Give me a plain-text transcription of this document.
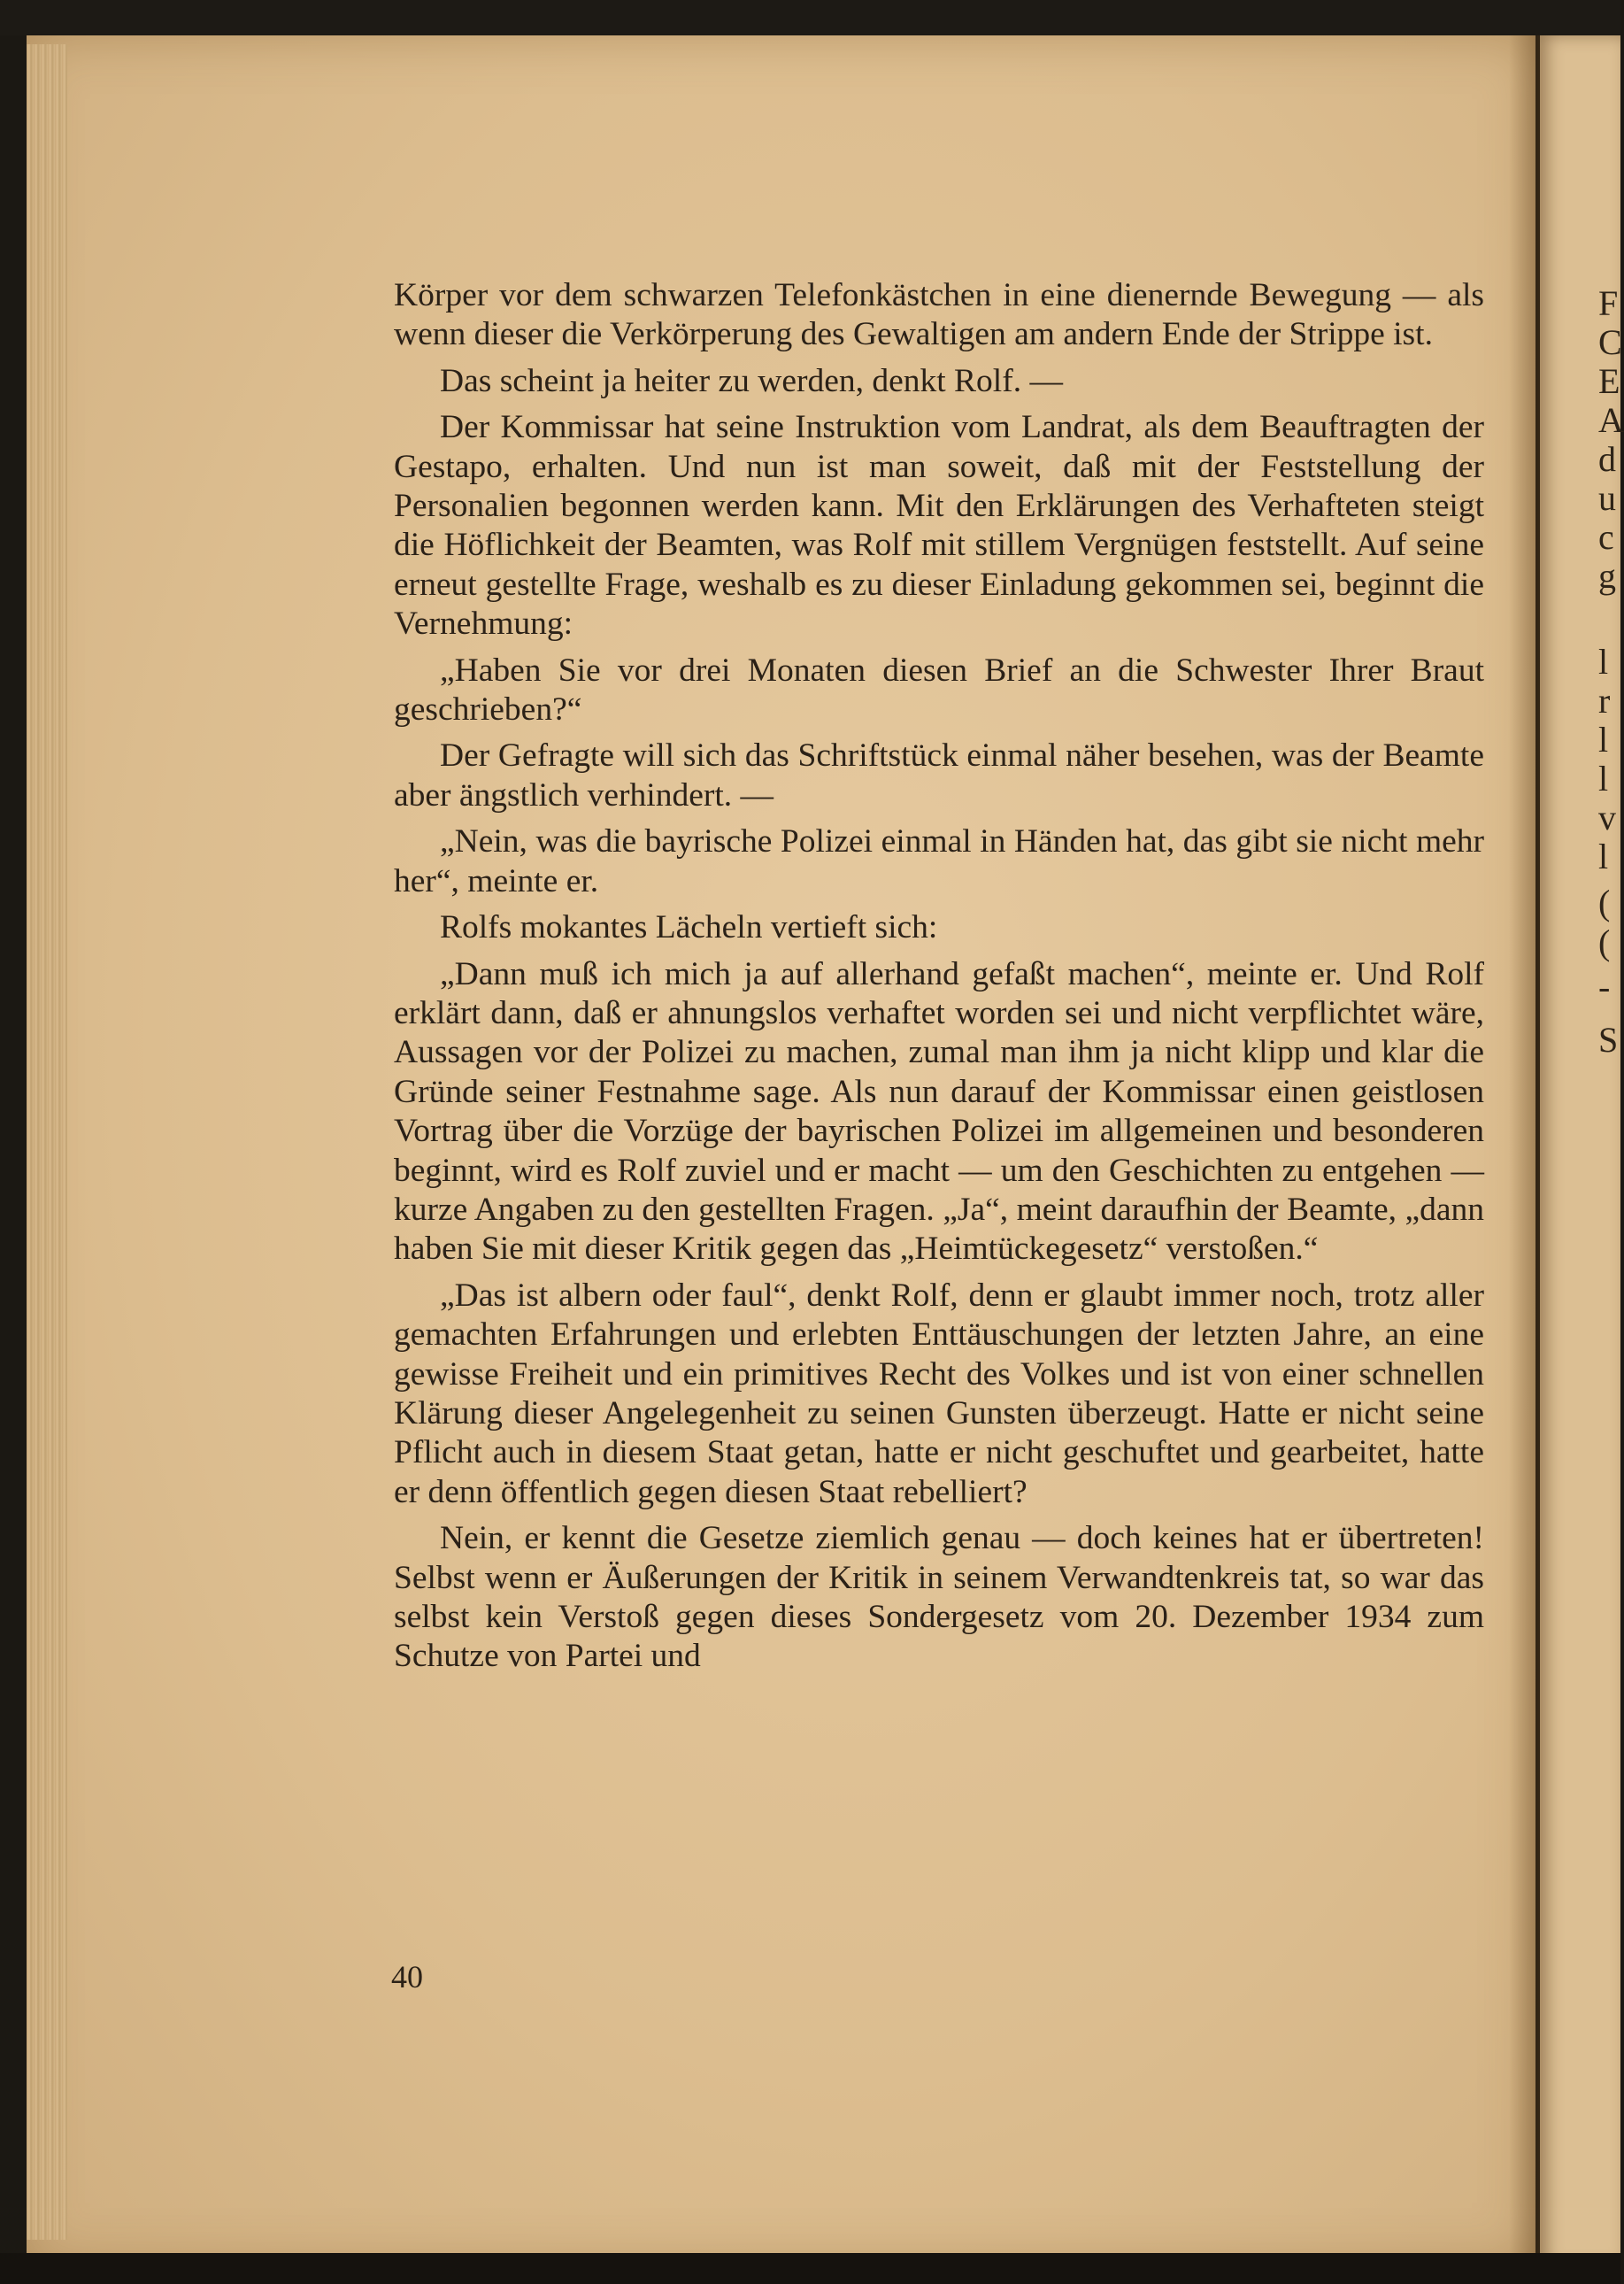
F
C
E
A
d
u
c
g
l
r
l
l
v
l
(
(
-
S

Körper vor dem schwarzen Telefonkästchen in eine dienernde Bewegung — als wenn dieser die Verkörperung des Gewaltigen am andern Ende der Strippe ist.

Das scheint ja heiter zu werden, denkt Rolf. —

Der Kommissar hat seine Instruktion vom Landrat, als dem Beauftragten der Gestapo, erhalten. Und nun ist man soweit, daß mit der Feststellung der Personalien begonnen werden kann. Mit den Erklärungen des Verhafteten steigt die Höflichkeit der Beamten, was Rolf mit stillem Vergnügen feststellt. Auf seine erneut gestellte Frage, weshalb es zu dieser Einladung gekommen sei, beginnt die Vernehmung:

„Haben Sie vor drei Monaten diesen Brief an die Schwester Ihrer Braut geschrieben?“

Der Gefragte will sich das Schriftstück einmal näher besehen, was der Beamte aber ängstlich verhindert. —

„Nein, was die bayrische Polizei einmal in Händen hat, das gibt sie nicht mehr her“, meinte er.

Rolfs mokantes Lächeln vertieft sich:

„Dann muß ich mich ja auf allerhand gefaßt machen“, meinte er. Und Rolf erklärt dann, daß er ahnungslos verhaftet worden sei und nicht verpflichtet wäre, Aussagen vor der Polizei zu machen, zumal man ihm ja nicht klipp und klar die Gründe seiner Festnahme sage. Als nun darauf der Kommissar einen geistlosen Vortrag über die Vorzüge der bayrischen Polizei im allgemeinen und besonderen beginnt, wird es Rolf zuviel und er macht — um den Geschichten zu entgehen — kurze Angaben zu den gestellten Fragen. „Ja“, meint daraufhin der Beamte, „dann haben Sie mit dieser Kritik gegen das „Heimtückegesetz“ verstoßen.“

„Das ist albern oder faul“, denkt Rolf, denn er glaubt immer noch, trotz aller gemachten Erfahrungen und erlebten Enttäuschungen der letzten Jahre, an eine gewisse Freiheit und ein primitives Recht des Volkes und ist von einer schnellen Klärung dieser Angelegenheit zu seinen Gunsten überzeugt. Hatte er nicht seine Pflicht auch in diesem Staat getan, hatte er nicht geschuftet und gearbeitet, hatte er denn öffentlich gegen diesen Staat rebelliert?

Nein, er kennt die Gesetze ziemlich genau — doch keines hat er übertreten! Selbst wenn er Äußerungen der Kritik in seinem Verwandtenkreis tat, so war das selbst kein Verstoß gegen dieses Sondergesetz vom 20. Dezember 1934 zum Schutze von Partei und

40
